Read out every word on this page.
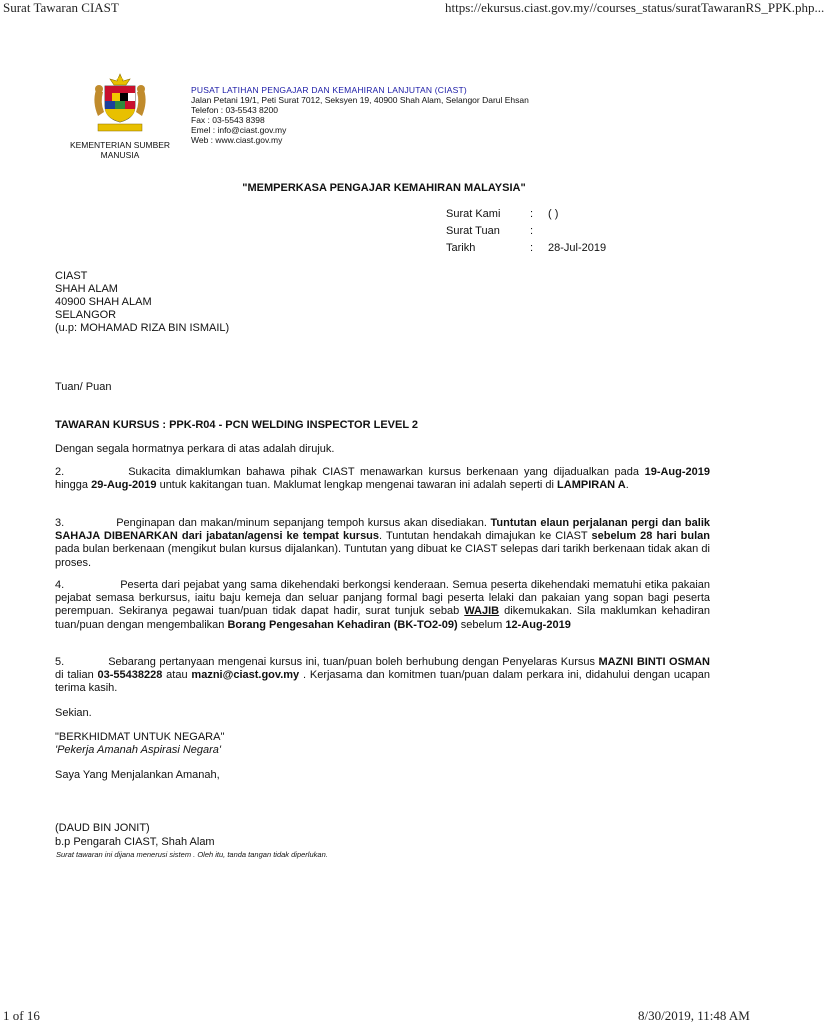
Surat Tawaran CIAST	https://ekursus.ciast.gov.my//courses_status/suratTawaranRS_PPK.php...
KEMENTERIAN SUMBER
MANUSIA
PUSAT LATIHAN PENGAJAR DAN KEMAHIRAN LANJUTAN (CIAST)
Jalan Petani 19/1, Peti Surat 7012, Seksyen 19, 40900 Shah Alam, Selangor Darul Ehsan
Telefon : 03-5543 8200
Fax : 03-5543 8398
Emel : info@ciast.gov.my
Web : www.ciast.gov.my
"MEMPERKASA PENGAJAR KEMAHIRAN MALAYSIA"
Surat Kami	: ( )
Surat Tuan	:
Tarikh	: 28-Jul-2019
CIAST
SHAH ALAM
40900 SHAH ALAM
SELANGOR
(u.p: MOHAMAD RIZA BIN ISMAIL)
Tuan/ Puan
TAWARAN KURSUS : PPK-R04 - PCN WELDING INSPECTOR LEVEL 2
Dengan segala hormatnya perkara di atas adalah dirujuk.
2.	Sukacita dimaklumkan bahawa pihak CIAST menawarkan kursus berkenaan yang dijadualkan pada 19-Aug-2019 hingga 29-Aug-2019 untuk kakitangan tuan. Maklumat lengkap mengenai tawaran ini adalah seperti di LAMPIRAN A.
3.	Penginapan dan makan/minum sepanjang tempoh kursus akan disediakan. Tuntutan elaun perjalanan pergi dan balik SAHAJA DIBENARKAN dari jabatan/agensi ke tempat kursus. Tuntutan hendakah dimajukan ke CIAST sebelum 28 hari bulan pada bulan berkenaan (mengikut bulan kursus dijalankan). Tuntutan yang dibuat ke CIAST selepas dari tarikh berkenaan tidak akan di proses.
4.	Peserta dari pejabat yang sama dikehendaki berkongsi kenderaan. Semua peserta dikehendaki mematuhi etika pakaian pejabat semasa berkursus, iaitu baju kemeja dan seluar panjang formal bagi peserta lelaki dan pakaian yang sopan bagi peserta perempuan. Sekiranya pegawai tuan/puan tidak dapat hadir, surat tunjuk sebab WAJIB dikemukakan. Sila maklumkan kehadiran tuan/puan dengan mengembalikan Borang Pengesahan Kehadiran (BK-TO2-09) sebelum 12-Aug-2019
5.	Sebarang pertanyaan mengenai kursus ini, tuan/puan boleh berhubung dengan Penyelaras Kursus MAZNI BINTI OSMAN di talian 03-55438228 atau mazni@ciast.gov.my . Kerjasama dan komitmen tuan/puan dalam perkara ini, didahului dengan ucapan terima kasih.
Sekian.
"BERKHIDMAT UNTUK NEGARA"
'Pekerja Amanah Aspirasi Negara'
Saya Yang Menjalankan Amanah,
(DAUD BIN JONIT)
b.p Pengarah CIAST, Shah Alam
Surat tawaran ini dijana menerusi sistem . Oleh itu, tanda tangan tidak diperlukan.
1 of 16	8/30/2019, 11:48 AM
